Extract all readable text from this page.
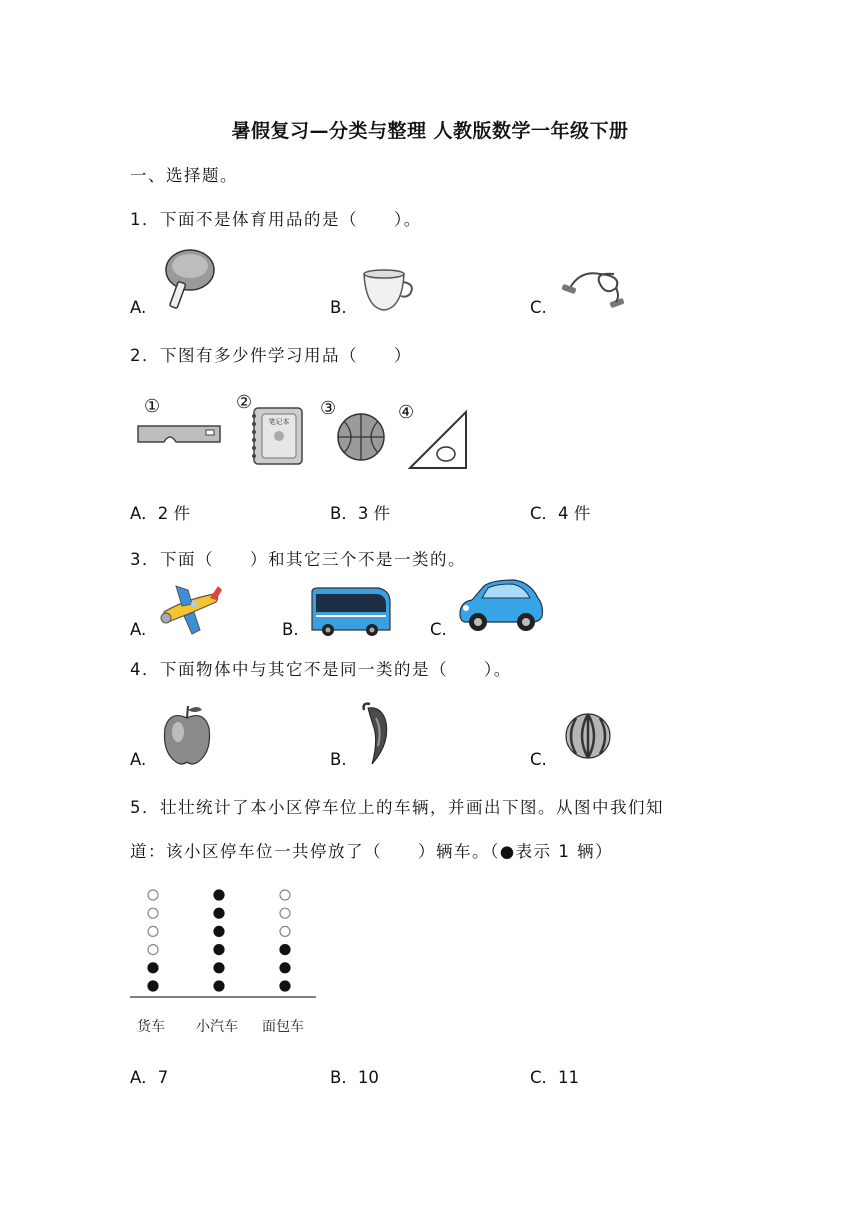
暑假复习—分类与整理 人教版数学一年级下册
一、选择题。
1．下面不是体育用品的是（　　）。
A.	B.	C.
2．下图有多少件学习用品（　　）
①	②
笔记本
③	④
A．2 件	B．3 件	C．4 件
3．下面（　　）和其它三个不是一类的。
A.	B.	C.
4．下面物体中与其它不是同一类的是（　　）。
A.	B.	C.
5．壮壮统计了本小区停车位上的车辆，并画出下图。从图中我们知
道：该小区停车位一共停放了（　　）辆车。（●表示 1 辆）
货车 小汽车 面包车
A．7	B．10	C．11
